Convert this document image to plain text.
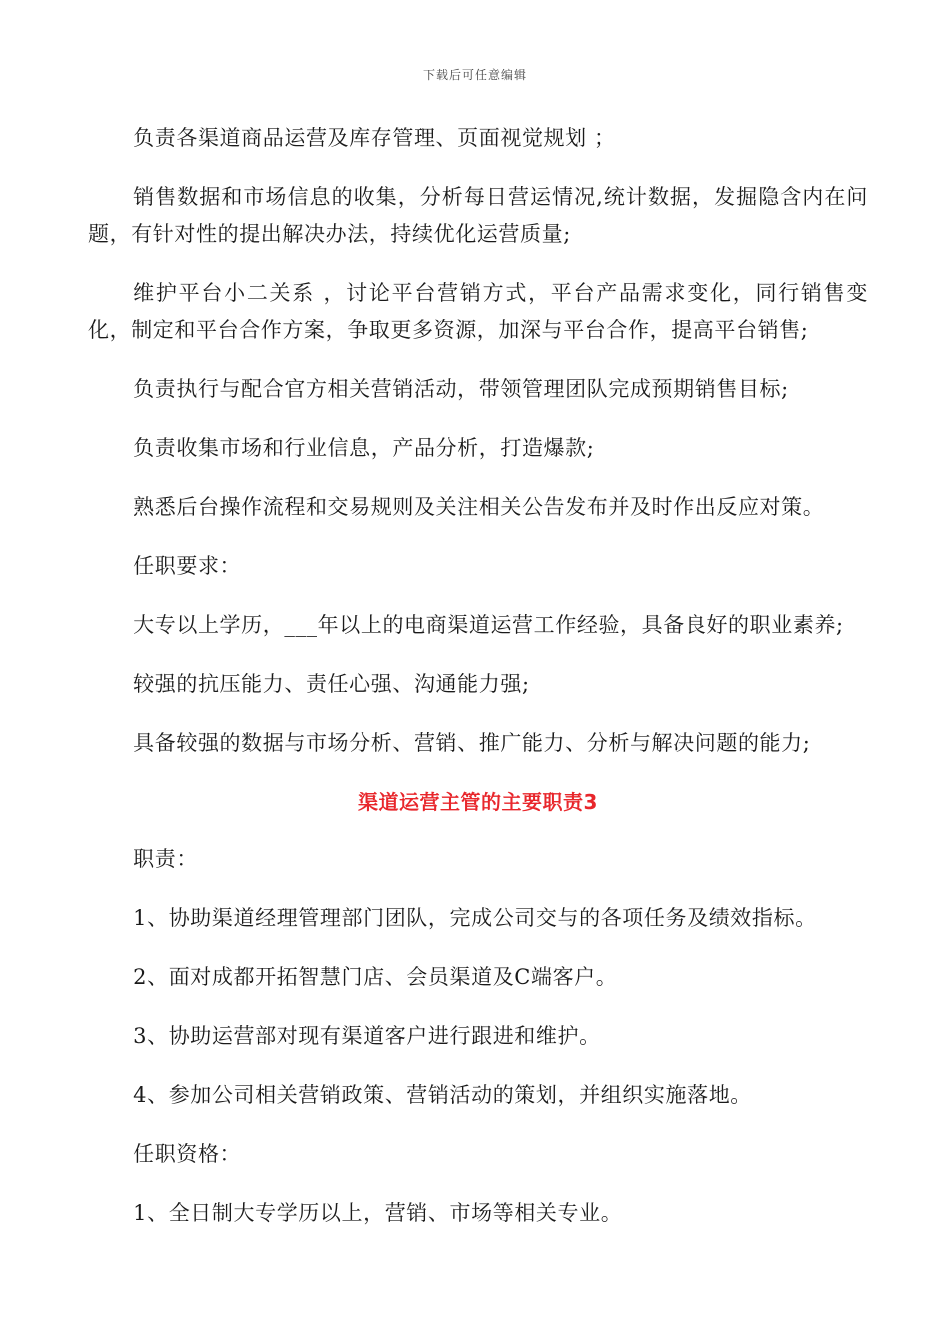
下载后可任意编辑

负责各渠道商品运营及库存管理、页面视觉规划 ；

销售数据和市场信息的收集，分析每日营运情况,统计数据，发掘隐含内在问题，有针对性的提出解决办法，持续优化运营质量;

维护平台小二关系 ，讨论平台营销方式，平台产品需求变化，同行销售变化，制定和平台合作方案，争取更多资源，加深与平台合作，提高平台销售;

负责执行与配合官方相关营销活动，带领管理团队完成预期销售目标;

负责收集市场和行业信息，产品分析，打造爆款;

熟悉后台操作流程和交易规则及关注相关公告发布并及时作出反应对策。

任职要求：

大专以上学历，___年以上的电商渠道运营工作经验，具备良好的职业素养;

较强的抗压能力、责任心强、沟通能力强;

具备较强的数据与市场分析、营销、推广能力、分析与解决问题的能力;

渠道运营主管的主要职责3

职责：

1、协助渠道经理管理部门团队，完成公司交与的各项任务及绩效指标。

2、面对成都开拓智慧门店、会员渠道及C端客户。

3、协助运营部对现有渠道客户进行跟进和维护。

4、参加公司相关营销政策、营销活动的策划，并组织实施落地。

任职资格：

1、全日制大专学历以上，营销、市场等相关专业。
